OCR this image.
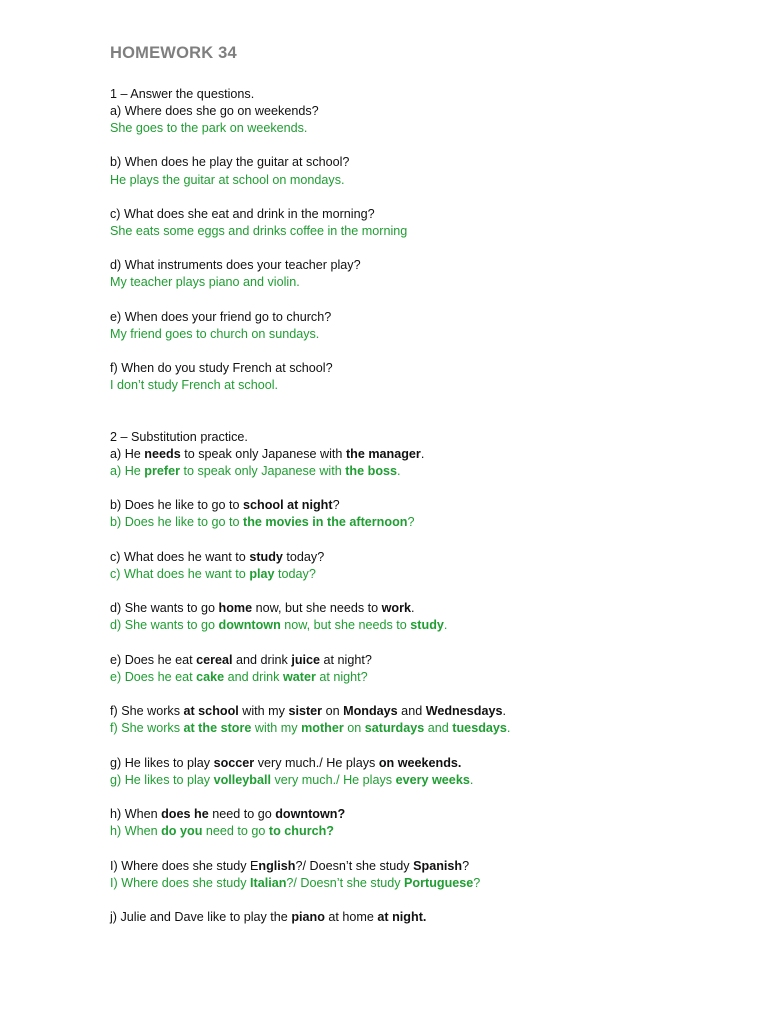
HOMEWORK 34
1 – Answer the questions.
a) Where does she go on weekends?
She goes to the park on weekends.
b) When does he play the guitar at school?
He plays the guitar at school on mondays.
c) What does she eat and drink in the morning?
She eats some eggs and drinks coffee in the morning
d) What instruments does your teacher play?
My teacher plays piano and violin.
e) When does your friend go to church?
My friend goes to church on sundays.
f) When do you study French at school?
I don’t study French at school.
2 – Substitution practice.
a) He needs to speak only Japanese with the manager.
a) He prefer to speak only Japanese with the boss.
b) Does he like to go to school at night?
b) Does he like to go to the movies in the afternoon?
c) What does he want to study today?
c) What does he want to play today?
d) She wants to go home now, but she needs to work.
d) She wants to go downtown now, but she needs to study.
e) Does he eat cereal and drink juice at night?
e) Does he eat cake and drink water at night?
f) She works at school with my sister on Mondays and Wednesdays.
f) She works at the store with my mother on saturdays and tuesdays.
g) He likes to play soccer very much./ He plays on weekends.
g) He likes to play volleyball very much./ He plays every weeks.
h) When does he need to go downtown?
h) When do you need to go to church?
I) Where does she study English?/ Doesn’t she study Spanish?
I) Where does she study Italian?/ Doesn’t she study Portuguese?
j) Julie and Dave like to play the piano at home at night.
